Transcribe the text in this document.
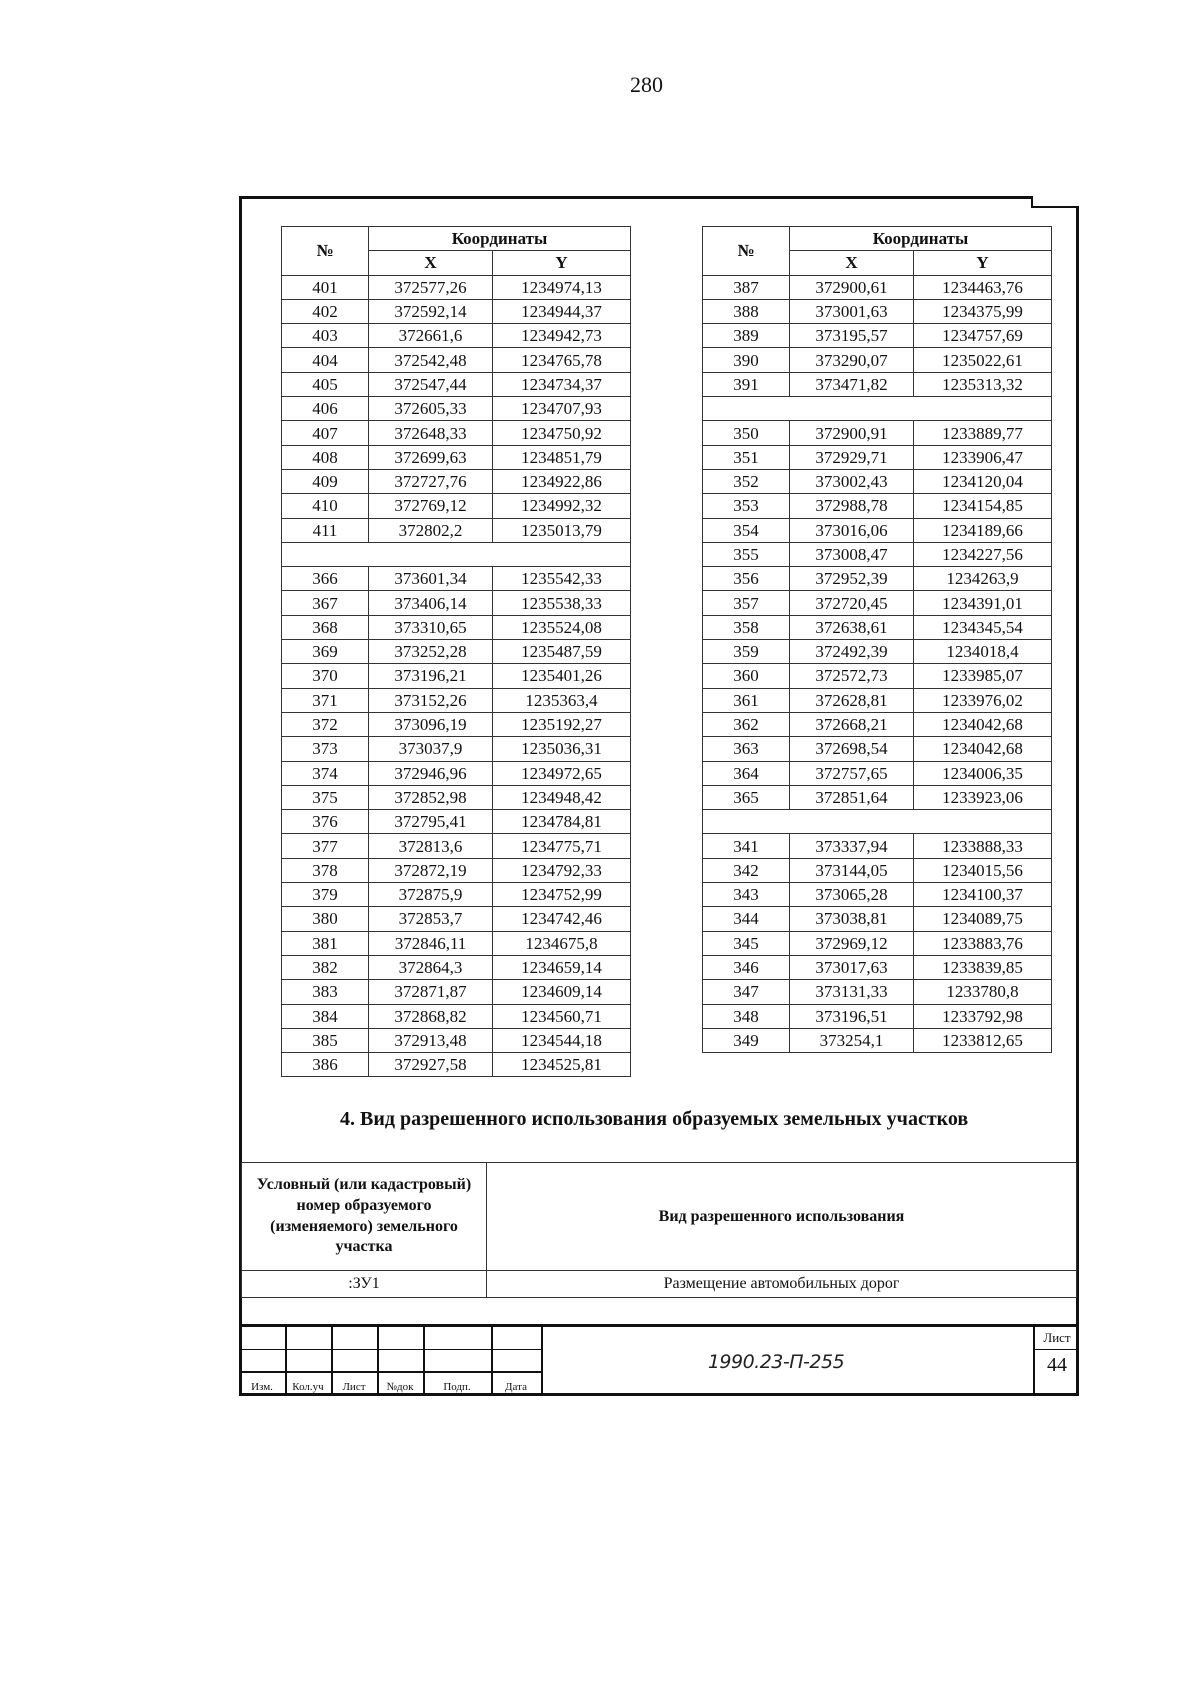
280
№	Координаты	
	X	Y
401	372577,26	1234974,13
402	372592,14	1234944,37
403	372661,6	1234942,73
404	372542,48	1234765,78
405	372547,44	1234734,37
406	372605,33	1234707,93
407	372648,33	1234750,92
408	372699,63	1234851,79
409	372727,76	1234922,86
410	372769,12	1234992,32
411	372802,2	1235013,79

366	373601,34	1235542,33
367	373406,14	1235538,33
368	373310,65	1235524,08
369	373252,28	1235487,59
370	373196,21	1235401,26
371	373152,26	1235363,4
372	373096,19	1235192,27
373	373037,9	1235036,31
374	372946,96	1234972,65
375	372852,98	1234948,42
376	372795,41	1234784,81
377	372813,6	1234775,71
378	372872,19	1234792,33
379	372875,9	1234752,99
380	372853,7	1234742,46
381	372846,11	1234675,8
382	372864,3	1234659,14
383	372871,87	1234609,14
384	372868,82	1234560,71
385	372913,48	1234544,18
386	372927,58	1234525,81
№	Координаты	
	X	Y
387	372900,61	1234463,76
388	373001,63	1234375,99
389	373195,57	1234757,69
390	373290,07	1235022,61
391	373471,82	1235313,32

350	372900,91	1233889,77
351	372929,71	1233906,47
352	373002,43	1234120,04
353	372988,78	1234154,85
354	373016,06	1234189,66
355	373008,47	1234227,56
356	372952,39	1234263,9
357	372720,45	1234391,01
358	372638,61	1234345,54
359	372492,39	1234018,4
360	372572,73	1233985,07
361	372628,81	1233976,02
362	372668,21	1234042,68
363	372698,54	1234042,68
364	372757,65	1234006,35
365	372851,64	1233923,06

341	373337,94	1233888,33
342	373144,05	1234015,56
343	373065,28	1234100,37
344	373038,81	1234089,75
345	372969,12	1233883,76
346	373017,63	1233839,85
347	373131,33	1233780,8
348	373196,51	1233792,98
349	373254,1	1233812,65
4. Вид разрешенного использования образуемых земельных участков
Условный (или кадастровый) номер образуемого (изменяемого) земельного участка	Вид разрешенного использования
:ЗУ1	Размещение автомобильных дорог
Изм.	Кол.уч	Лист	№док	Подп.	Дата
1990.23-П-255
Лист
44
